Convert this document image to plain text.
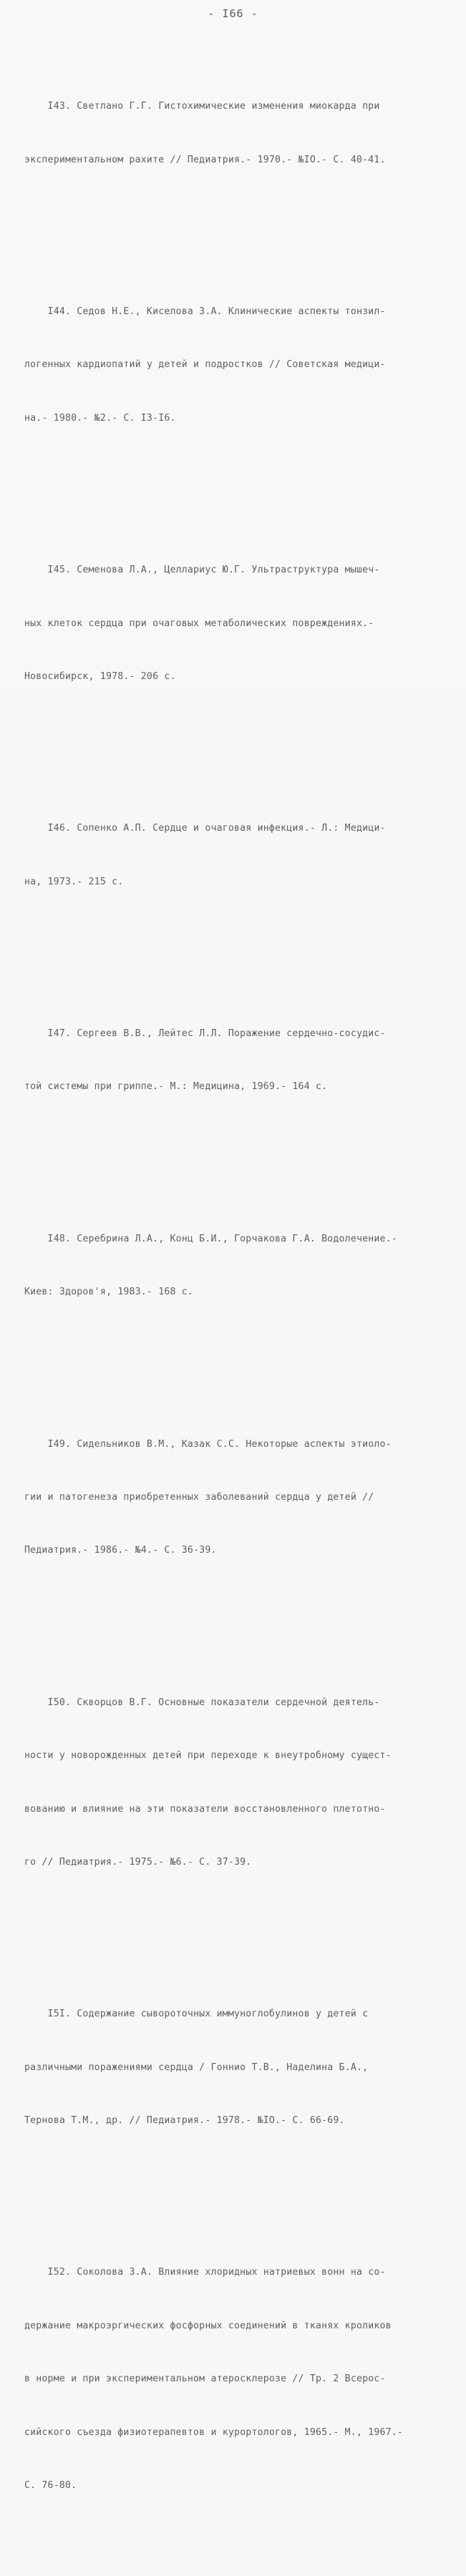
- I66 -

I43. Светлано Г.Г. Гистохимические изменения миокарда при

экспериментальном рахите // Педиатрия.- 1970.- №IO.- С. 40-41.

I44. Седов Н.Е., Киселова З.А. Клинические аспекты тонзил-

логенных кардиопатий у детей и подростков // Советская медици-

на.- 1980.- №2.- С. I3-I6.

I45. Семенова Л.А., Целлариус Ю.Г. Ультраструктура мышеч-

ных клеток сердца при очаговых метаболических повреждениях.-

Новосибирск, 1978.- 206 с.

I46. Сопенко А.П. Сердце и очаговая инфекция.- Л.: Медици-

на, 1973.- 215 с.

I47. Сергеев В.В., Лейтес Л.Л. Поражение сердечно-сосудис-

той системы при гриппе.- М.: Медицина, 1969.- 164 с.

I48. Серебрина Л.А., Конц Б.И., Горчакова Г.А. Водолечение.-

Киев: Здоров'я, 1983.- 168 с.

I49. Сидельников В.М., Казак С.С. Некоторые аспекты этиоло-

гии и патогенеза приобретенных заболеваний сердца у детей //

Педиатрия.- 1986.- №4.- С. 36-39.

I50. Скворцов В.Г. Основные показатели сердечной деятель-

ности у новорожденных детей при переходе к внеутробному сущест-

вованию и влияние на эти показатели восстановленного плетотно-

го // Педиатрия.- 1975.- №6.- С. 37-39.

I5I. Содержание сывороточных иммуноглобулинов у детей с

различными поражениями сердца / Гоннио Т.В., Наделина Б.А.,

Тернова Т.М., др. // Педиатрия.- 1978.- №IO.- С. 66-69.

I52. Соколова З.А. Влияние хлоридных натриевых вонн на со-

держание макроэргических фосфорных соединений в тканях кроликов

в норме и при экспериментальном атеросклерозе // Тр. 2 Всерос-

сийского съезда физиотерапевтов и курортологов, 1965.- М., 1967.-

С. 76-80.
